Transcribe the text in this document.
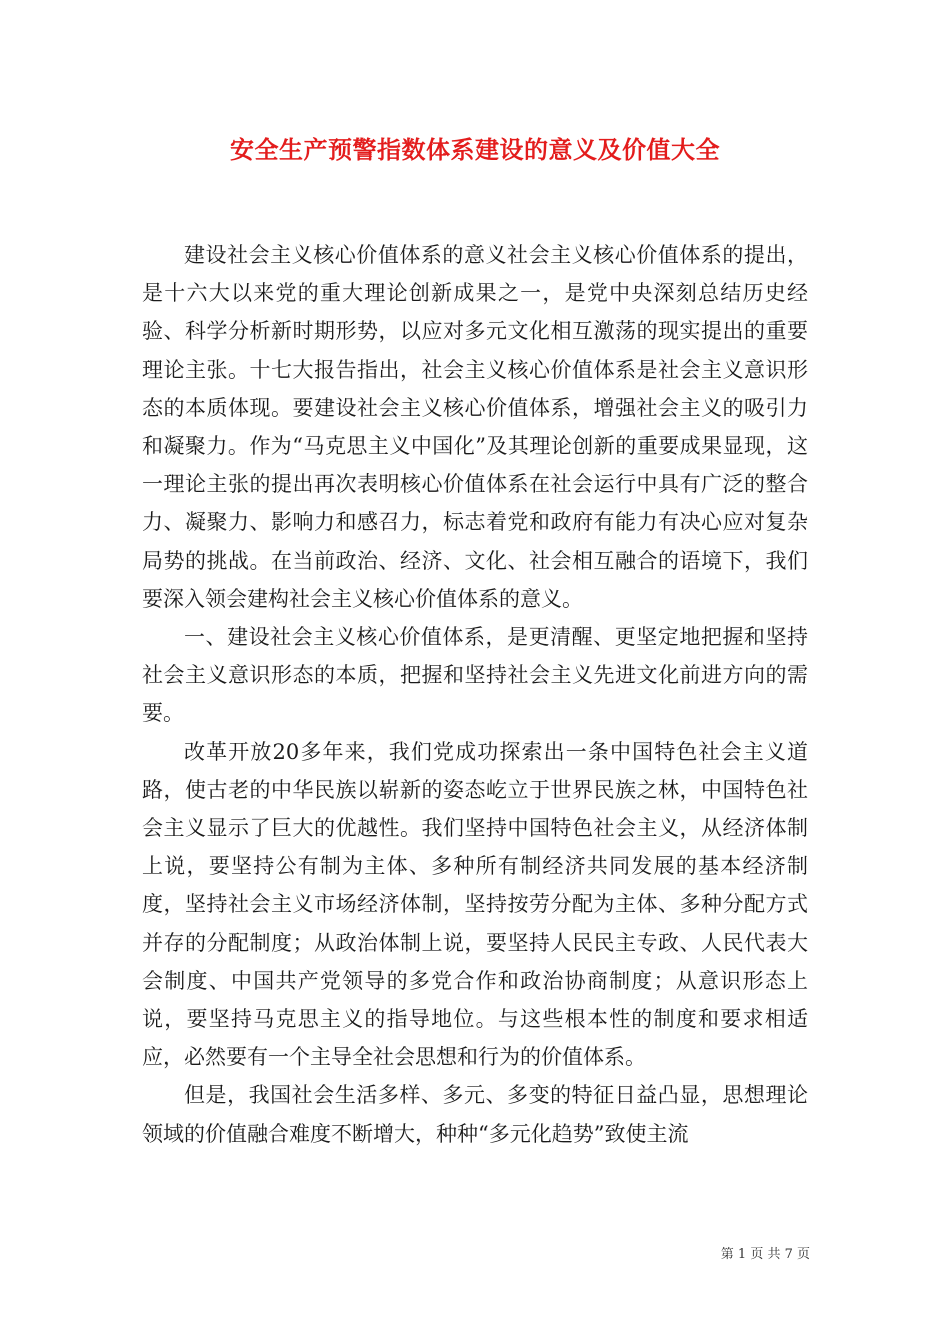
安全生产预警指数体系建设的意义及价值大全

建设社会主义核心价值体系的意义社会主义核心价值体系的提出，是十六大以来党的重大理论创新成果之一，是党中央深刻总结历史经验、科学分析新时期形势，以应对多元文化相互激荡的现实提出的重要理论主张。十七大报告指出，社会主义核心价值体系是社会主义意识形态的本质体现。要建设社会主义核心价值体系，增强社会主义的吸引力和凝聚力。作为“马克思主义中国化”及其理论创新的重要成果显现，这一理论主张的提出再次表明核心价值体系在社会运行中具有广泛的整合力、凝聚力、影响力和感召力，标志着党和政府有能力有决心应对复杂局势的挑战。在当前政治、经济、文化、社会相互融合的语境下，我们要深入领会建构社会主义核心价值体系的意义。

一、建设社会主义核心价值体系，是更清醒、更坚定地把握和坚持社会主义意识形态的本质，把握和坚持社会主义先进文化前进方向的需要。

改革开放20多年来，我们党成功探索出一条中国特色社会主义道路，使古老的中华民族以崭新的姿态屹立于世界民族之林，中国特色社会主义显示了巨大的优越性。我们坚持中国特色社会主义，从经济体制上说，要坚持公有制为主体、多种所有制经济共同发展的基本经济制度，坚持社会主义市场经济体制，坚持按劳分配为主体、多种分配方式并存的分配制度；从政治体制上说，要坚持人民民主专政、人民代表大会制度、中国共产党领导的多党合作和政治协商制度；从意识形态上说，要坚持马克思主义的指导地位。与这些根本性的制度和要求相适应，必然要有一个主导全社会思想和行为的价值体系。

但是，我国社会生活多样、多元、多变的特征日益凸显，思想理论领域的价值融合难度不断增大，种种“多元化趋势”致使主流

第 1 页 共 7 页
